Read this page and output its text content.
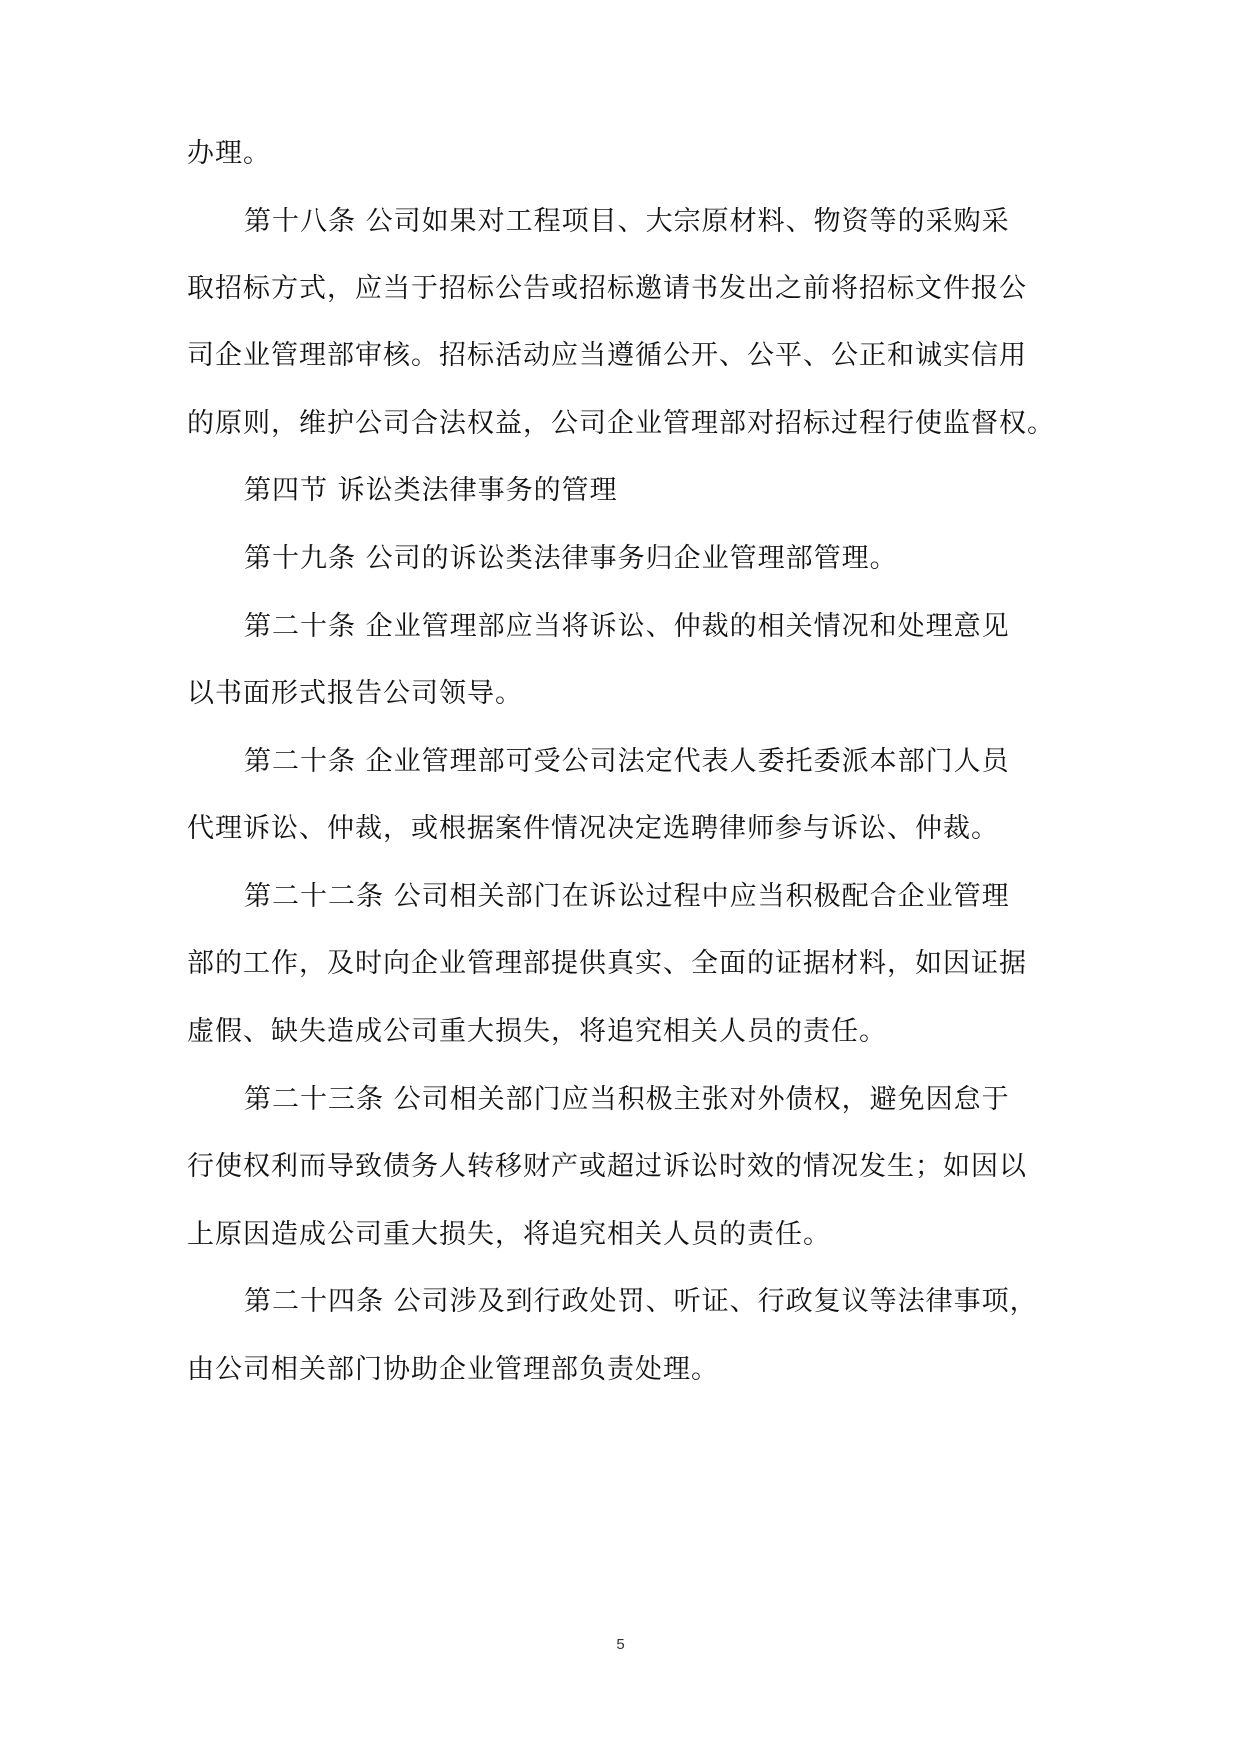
办理。
第十八条 公司如果对工程项目、大宗原材料、物资等的采购采
取招标方式，应当于招标公告或招标邀请书发出之前将招标文件报公
司企业管理部审核。招标活动应当遵循公开、公平、公正和诚实信用
的原则，维护公司合法权益，公司企业管理部对招标过程行使监督权。
第四节 诉讼类法律事务的管理
第十九条 公司的诉讼类法律事务归企业管理部管理。
第二十条 企业管理部应当将诉讼、仲裁的相关情况和处理意见
以书面形式报告公司领导。
第二十条 企业管理部可受公司法定代表人委托委派本部门人员
代理诉讼、仲裁，或根据案件情况决定选聘律师参与诉讼、仲裁。
第二十二条 公司相关部门在诉讼过程中应当积极配合企业管理
部的工作，及时向企业管理部提供真实、全面的证据材料，如因证据
虚假、缺失造成公司重大损失，将追究相关人员的责任。
第二十三条 公司相关部门应当积极主张对外债权，避免因怠于
行使权利而导致债务人转移财产或超过诉讼时效的情况发生；如因以
上原因造成公司重大损失，将追究相关人员的责任。
第二十四条 公司涉及到行政处罚、听证、行政复议等法律事项，
由公司相关部门协助企业管理部负责处理。
5
